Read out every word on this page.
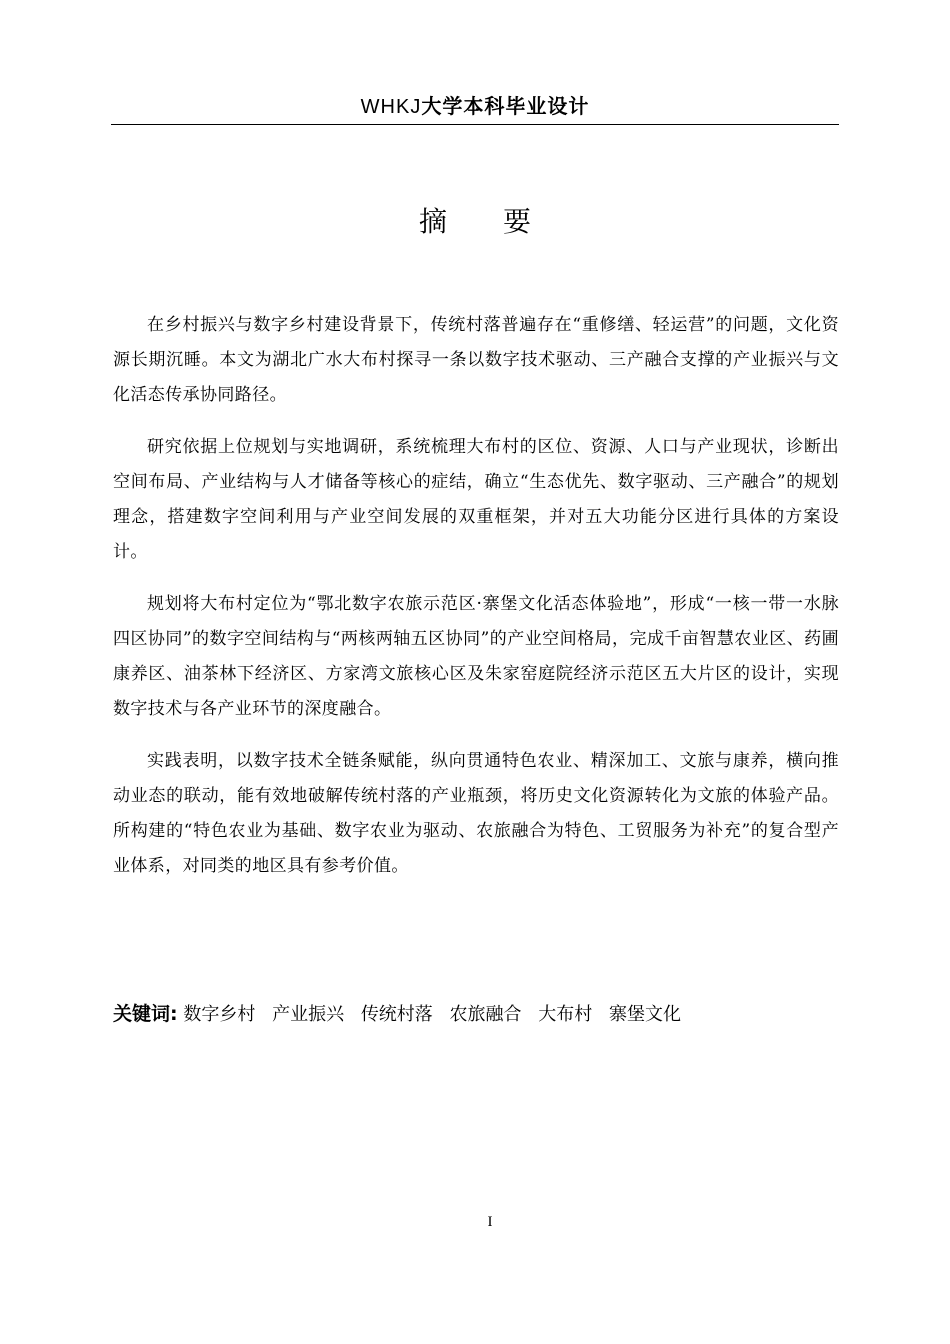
WHKJ大学本科毕业设计
摘要

在乡村振兴与数字乡村建设背景下，传统村落普遍存在“重修缮、轻运营”的问题，文化资源长期沉睡。本文为湖北广水大布村探寻一条以数字技术驱动、三产融合支撑的产业振兴与文化活态传承协同路径。

研究依据上位规划与实地调研，系统梳理大布村的区位、资源、人口与产业现状，诊断出空间布局、产业结构与人才储备等核心的症结，确立“生态优先、数字驱动、三产融合”的规划理念，搭建数字空间利用与产业空间发展的双重框架，并对五大功能分区进行具体的方案设计。

规划将大布村定位为“鄂北数字农旅示范区·寨堡文化活态体验地”，形成“一核一带一水脉四区协同”的数字空间结构与“两核两轴五区协同”的产业空间格局，完成千亩智慧农业区、药圃康养区、油茶林下经济区、方家湾文旅核心区及朱家窑庭院经济示范区五大片区的设计，实现数字技术与各产业环节的深度融合。

实践表明，以数字技术全链条赋能，纵向贯通特色农业、精深加工、文旅与康养，横向推动业态的联动，能有效地破解传统村落的产业瓶颈，将历史文化资源转化为文旅的体验产品。所构建的“特色农业为基础、数字农业为驱动、农旅融合为特色、工贸服务为补充”的复合型产业体系，对同类的地区具有参考价值。

关键词: 数字乡村 产业振兴 传统村落 农旅融合 大布村 寨堡文化
I
